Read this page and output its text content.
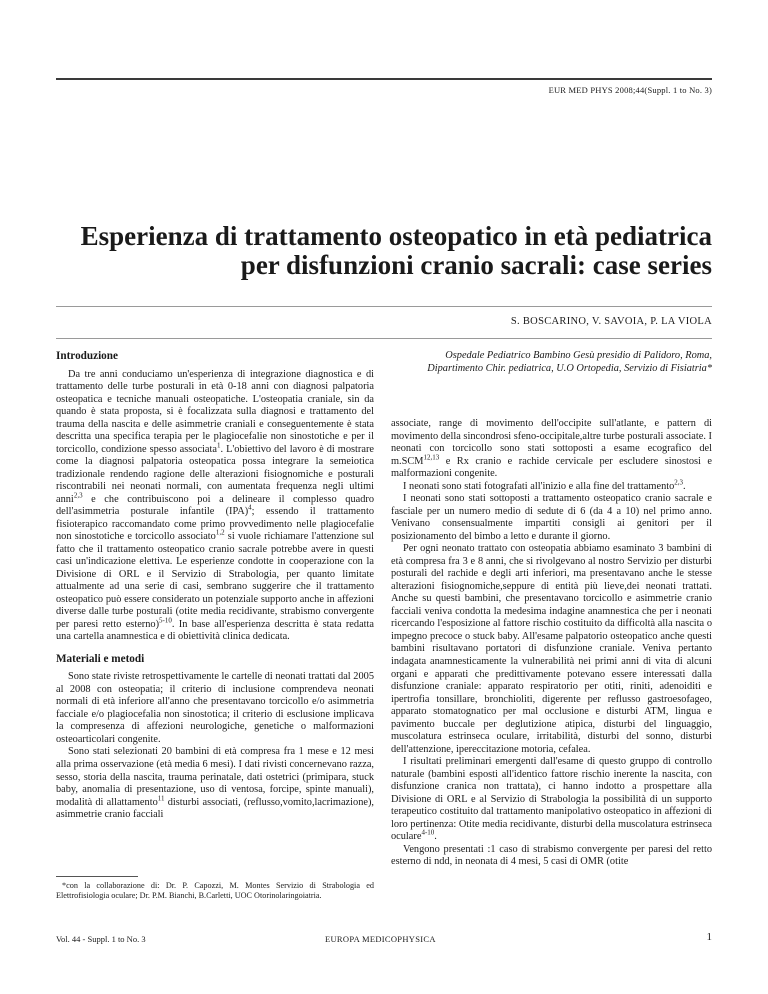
EUR MED PHYS 2008;44(Suppl. 1 to No. 3)
Esperienza di trattamento osteopatico in età pediatrica per disfunzioni cranio sacrali: case series
S. BOSCARINO, V. SAVOIA, P. LA VIOLA
Introduzione

Da tre anni conduciamo un'esperienza di integrazione diagnostica e di trattamento delle turbe posturali in età 0-18 anni con diagnosi palpatoria osteopatica e tecniche manuali osteopatiche. L'osteopatia craniale, sin da quando è stata proposta, si è focalizzata sulla diagnosi e trattamento del trauma della nascita e delle asimmetrie craniali e conseguentemente è stata descritta una specifica terapia per le plagiocefalie non sinostotiche e per il torcicollo, condizione spesso associata$^1$. L'obiettivo del lavoro è di mostrare come la diagnosi palpatoria osteopatica possa integrare la semeiotica tradizionale rendendo ragione delle alterazioni fisiognomiche e posturali riscontrabili nei neonati normali, con aumentata frequenza negli ultimi anni$^{2,3}$ e che contribuiscono poi a delineare il complesso quadro dell'asimmetria posturale infantile (IPA)$^4$; essendo il trattamento fisioterapico raccomandato come primo provvedimento nelle plagiocefalie non sinostotiche e torcicollo associato$^{1,2}$ si vuole richiamare l'attenzione sul fatto che il trattamento osteopatico cranio sacrale potrebbe avere in questi casi un'indicazione elettiva. Le esperienze condotte in cooperazione con la Divisione di ORL e il Servizio di Strabologia, per quanto limitate attualmente ad una serie di casi, sembrano suggerire che il trattamento osteopatico può essere considerato un potenziale supporto anche in affezioni diverse dalle turbe posturali (otite media recidivante, strabismo convergente per paresi retto esterno)$^{5-10}$. In base all'esperienza descritta è stata redatta una cartella anamnestica e di obiettività clinica dedicata.

Materiali e metodi

Sono state riviste retrospettivamente le cartelle di neonati trattati dal 2005 al 2008 con osteopatia; il criterio di inclusione comprendeva neonati normali di età inferiore all'anno che presentavano torcicollo e/o asimmetria facciale e/o plagiocefalia non sinostotica; il criterio di esclusione implicava la compresenza di affezioni neurologiche, genetiche o malformazioni osteoarticolari congenite.

Sono stati selezionati 20 bambini di età compresa fra 1 mese e 12 mesi alla prima osservazione (età media 6 mesi). I dati rivisti concernevano razza, sesso, storia della nascita, trauma perinatale, dati ostetrici (primipara, stuck baby, anomalia di presentazione, uso di ventosa, forcipe, spinte manuali), modalità di allattamento$^{11}$ disturbi associati, (reflusso,vomito,lacrimazione), asimmetrie cranio facciali

Ospedale Pediatrico Bambino Gesù presidio di Palidoro, Roma, Dipartimento Chir. pediatrica, U.O Ortopedia, Servizio di Fisiatria*

associate, range di movimento dell'occipite sull'atlante, e pattern di movimento della sincondrosi sfeno-occipitale,altre turbe posturali associate. I neonati con torcicollo sono stati sottoposti a esame ecografico del m.SCM$^{12,13}$ e Rx cranio e rachide cervicale per escludere sinostosi e malformazioni congenite.

I neonati sono stati fotografati all'inizio e alla fine del trattamento$^{2,3}$.

I neonati sono stati sottoposti a trattamento osteopatico cranio sacrale e fasciale per un numero medio di sedute di 6 (da 4 a 10) nel primo anno. Venivano consensualmente impartiti consigli ai genitori per il posizionamento del bimbo a letto e durante il giorno.

Per ogni neonato trattato con osteopatia abbiamo esaminato 3 bambini di età compresa fra 3 e 8 anni, che si rivolgevano al nostro Servizio per disturbi posturali del rachide e degli arti inferiori, ma presentavano anche le stesse alterazioni fisiognomiche,seppure di entità più lieve,dei neonati trattati. Anche su questi bambini, che presentavano torcicollo e asimmetrie cranio facciali veniva condotta la medesima indagine anamnestica che per i neonati ricercando l'esposizione al fattore rischio costituito da difficoltà alla nascita o impegno precoce o stuck baby. All'esame palpatorio osteopatico anche questi bambini risultavano portatori di disfunzione craniale. Veniva pertanto indagata anamnesticamente la vulnerabilità nei primi anni di vita di alcuni organi e apparati che predittivamente potevano essere interessati dalla disfunzione craniale: apparato respiratorio per otiti, riniti, adenoiditi e ipertrofia tonsillare, bronchioliti, digerente per reflusso gastroesofageo, apparato stomatognatico per mal occlusione e disturbi ATM, lingua e pavimento buccale per deglutizione atipica, disturbi del linguaggio, muscolatura estrinseca oculare, irritabilità, disturbi del sonno, disturbi dell'attenzione, ipereccitazione motoria, cefalea.

I risultati preliminari emergenti dall'esame di questo gruppo di controllo naturale (bambini esposti all'identico fattore rischio inerente la nascita, con disfunzione cranica non trattata), ci hanno indotto a prospettare alla Divisione di ORL e al Servizio di Strabologia la possibilità di un supporto terapeutico costituito dal trattamento manipolativo osteopatico in affezioni di loro pertinenza: Otite media recidivante, disturbi della muscolatura estrinseca oculare$^{4-10}$.

Vengono presentati :1 caso di strabismo convergente per paresi del retto esterno di ndd, in neonata di 4 mesi, 5 casi di OMR (otite

*con la collaborazione di: Dr. P. Capozzi, M. Montes Servizio di Strabologia ed Elettrofisiologia oculare; Dr. P.M. Bianchi, B.Carletti, UOC Otorinolaringoiatria.

Vol. 44 - Suppl. 1 to No. 3	EUROPA MEDICOPHYSICA	1
